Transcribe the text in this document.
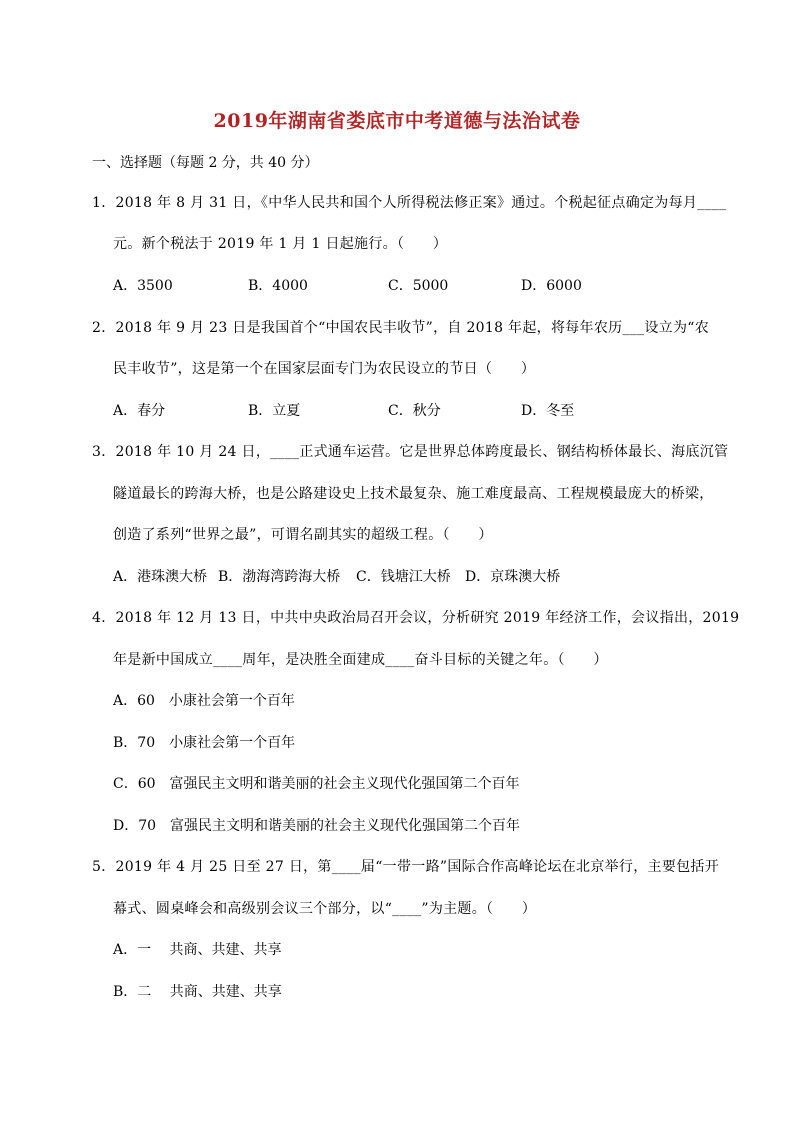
2019年湖南省娄底市中考道德与法治试卷
一、选择题（每题 2 分，共 40 分）
1．2018 年 8 月 31 日，《中华人民共和国个人所得税法修正案》通过。个税起征点确定为每月____
元。新个税法于 2019 年 1 月 1 日起施行。（　　）
A．3500	B．4000	C．5000	D．6000
2．2018 年 9 月 23 日是我国首个“中国农民丰收节”，自 2018 年起，将每年农历___设立为“农
民丰收节”，这是第一个在国家层面专门为农民设立的节日（　　）
A．春分	B．立夏	C．秋分	D．冬至
3．2018 年 10 月 24 日，____正式通车运营。它是世界总体跨度最长、钢结构桥体最长、海底沉管
隧道最长的跨海大桥，也是公路建设史上技术最复杂、施工难度最高、工程规模最庞大的桥梁，
创造了系列“世界之最”，可谓名副其实的超级工程。（　　）
A．港珠澳大桥 B．渤海湾跨海大桥 C．钱塘江大桥 D．京珠澳大桥
4．2018 年 12 月 13 日，中共中央政治局召开会议，分析研究 2019 年经济工作，会议指出，2019
年是新中国成立____周年，是决胜全面建成____奋斗目标的关键之年。（　　）
A．60　小康社会第一个百年
B．70　小康社会第一个百年
C．60　富强民主文明和谐美丽的社会主义现代化强国第二个百年
D．70　富强民主文明和谐美丽的社会主义现代化强国第二个百年
5．2019 年 4 月 25 日至 27 日，第____届“一带一路”国际合作高峰论坛在北京举行，主要包括开
幕式、圆桌峰会和高级别会议三个部分，以“____”为主题。（　　）
A．一　 共商、共建、共享
B．二　 共商、共建、共享
